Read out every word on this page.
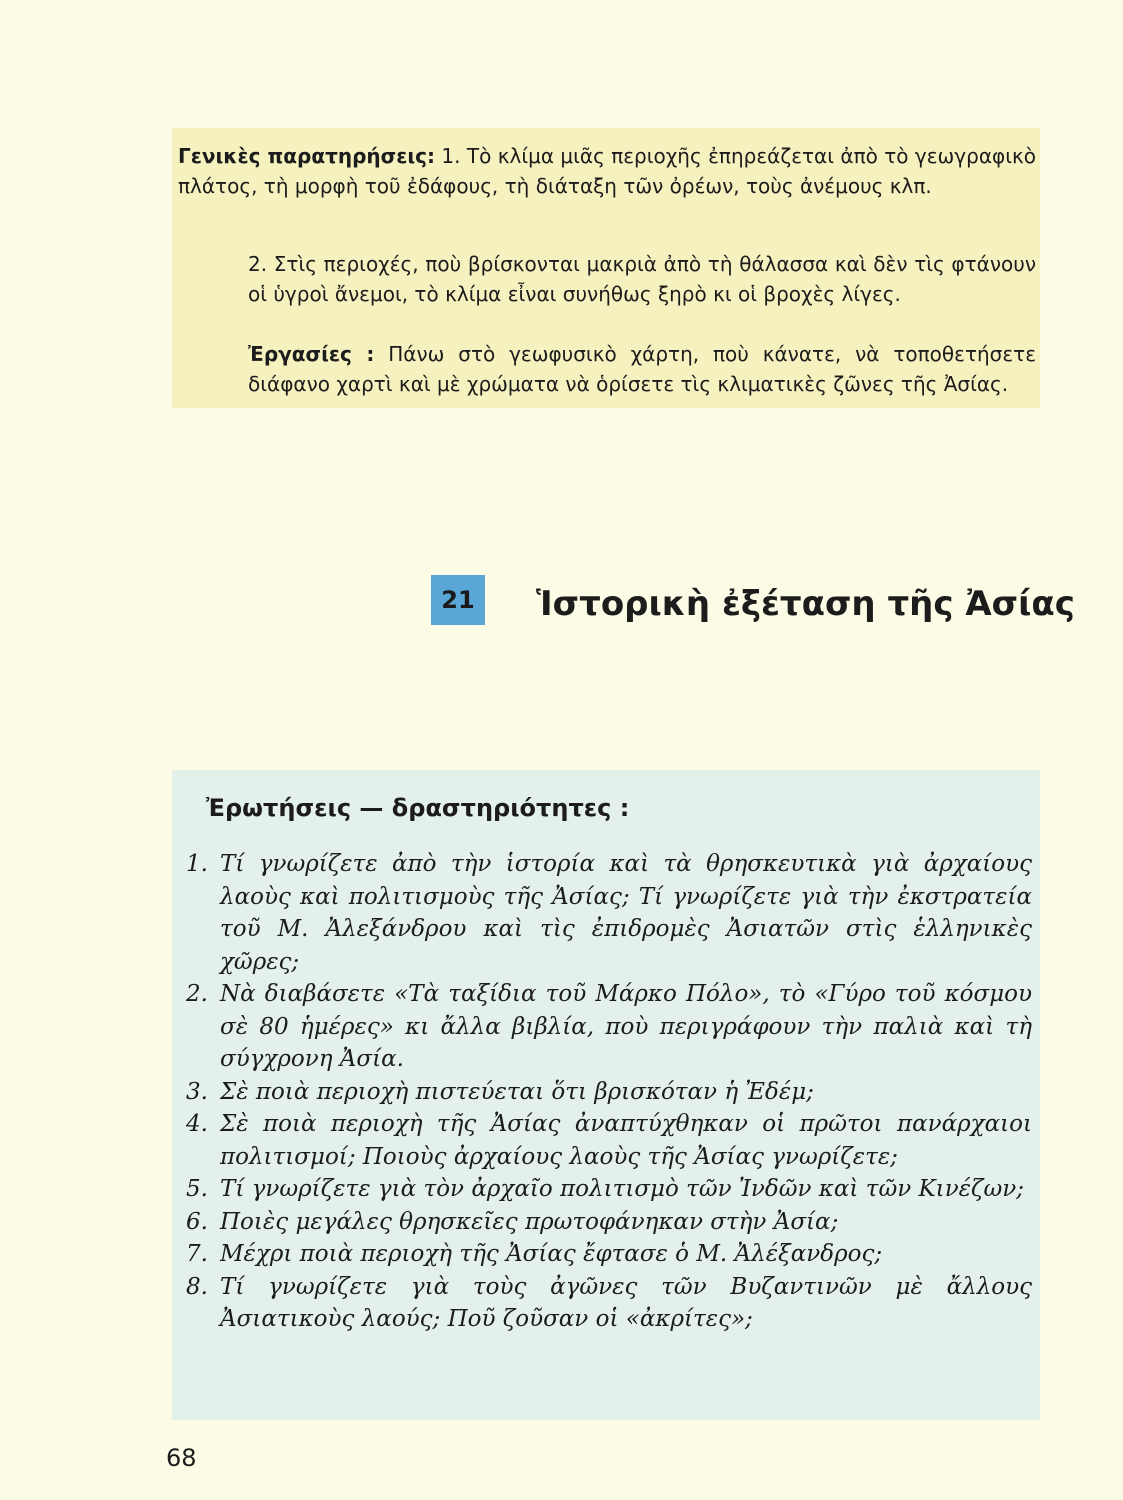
Γενικὲς παρατηρήσεις: 1. Τὸ κλίμα μιᾶς περιοχῆς ἐπηρεάζεται ἀπὸ τὸ γεωγραφικὸ πλάτος, τὴ μορφὴ τοῦ ἐδάφους, τὴ διάταξη τῶν ὀρέων, τοὺς ἀνέμους κλπ.

2. Στὶς περιοχές, ποὺ βρίσκονται μακριὰ ἀπὸ τὴ θάλασσα καὶ δὲν τὶς φτάνουν οἱ ὑγροὶ ἄνεμοι, τὸ κλίμα εἶναι συνήθως ξηρὸ κι οἱ βροχὲς λίγες.

Ἐργασίες : Πάνω στὸ γεωφυσικὸ χάρτη, ποὺ κάνατε, νὰ τοποθετήσετε διάφανο χαρτὶ καὶ μὲ χρώματα νὰ ὁρίσετε τὶς κλιματικὲς ζῶνες τῆς Ἀσίας.

21	Ἱστορικὴ ἐξέταση τῆς Ἀσίας
Ἐρωτήσεις — δραστηριότητες :
1. Τί γνωρίζετε ἀπὸ τὴν ἱστορία καὶ τὰ θρησκευτικὰ γιὰ ἀρχαίους λαοὺς καὶ πολιτισμοὺς τῆς Ἀσίας; Τί γνωρίζετε γιὰ τὴν ἐκστρατεία τοῦ Μ. Ἀλεξάνδρου καὶ τὶς ἐπιδρομὲς Ἀσιατῶν στὶς ἑλληνικὲς χῶρες;
2. Νὰ διαβάσετε «Τὰ ταξίδια τοῦ Μάρκο Πόλο», τὸ «Γύρο τοῦ κόσμου σὲ 80 ἡμέρες» κι ἄλλα βιβλία, ποὺ περιγράφουν τὴν παλιὰ καὶ τὴ σύγχρονη Ἀσία.
3. Σὲ ποιὰ περιοχὴ πιστεύεται ὅτι βρισκόταν ἡ Ἐδέμ;
4. Σὲ ποιὰ περιοχὴ τῆς Ἀσίας ἀναπτύχθηκαν οἱ πρῶτοι πανάρχαιοι πολιτισμοί; Ποιοὺς ἀρχαίους λαοὺς τῆς Ἀσίας γνωρίζετε;
5. Τί γνωρίζετε γιὰ τὸν ἀρχαῖο πολιτισμὸ τῶν Ἰνδῶν καὶ τῶν Κινέζων;
6. Ποιὲς μεγάλες θρησκεῖες πρωτοφάνηκαν στὴν Ἀσία;
7. Μέχρι ποιὰ περιοχὴ τῆς Ἀσίας ἔφτασε ὁ Μ. Ἀλέξανδρος;
8. Τί γνωρίζετε γιὰ τοὺς ἀγῶνες τῶν Βυζαντινῶν μὲ ἄλλους Ἀσιατικοὺς λαούς; Ποῦ ζοῦσαν οἱ «ἀκρίτες»;

68
